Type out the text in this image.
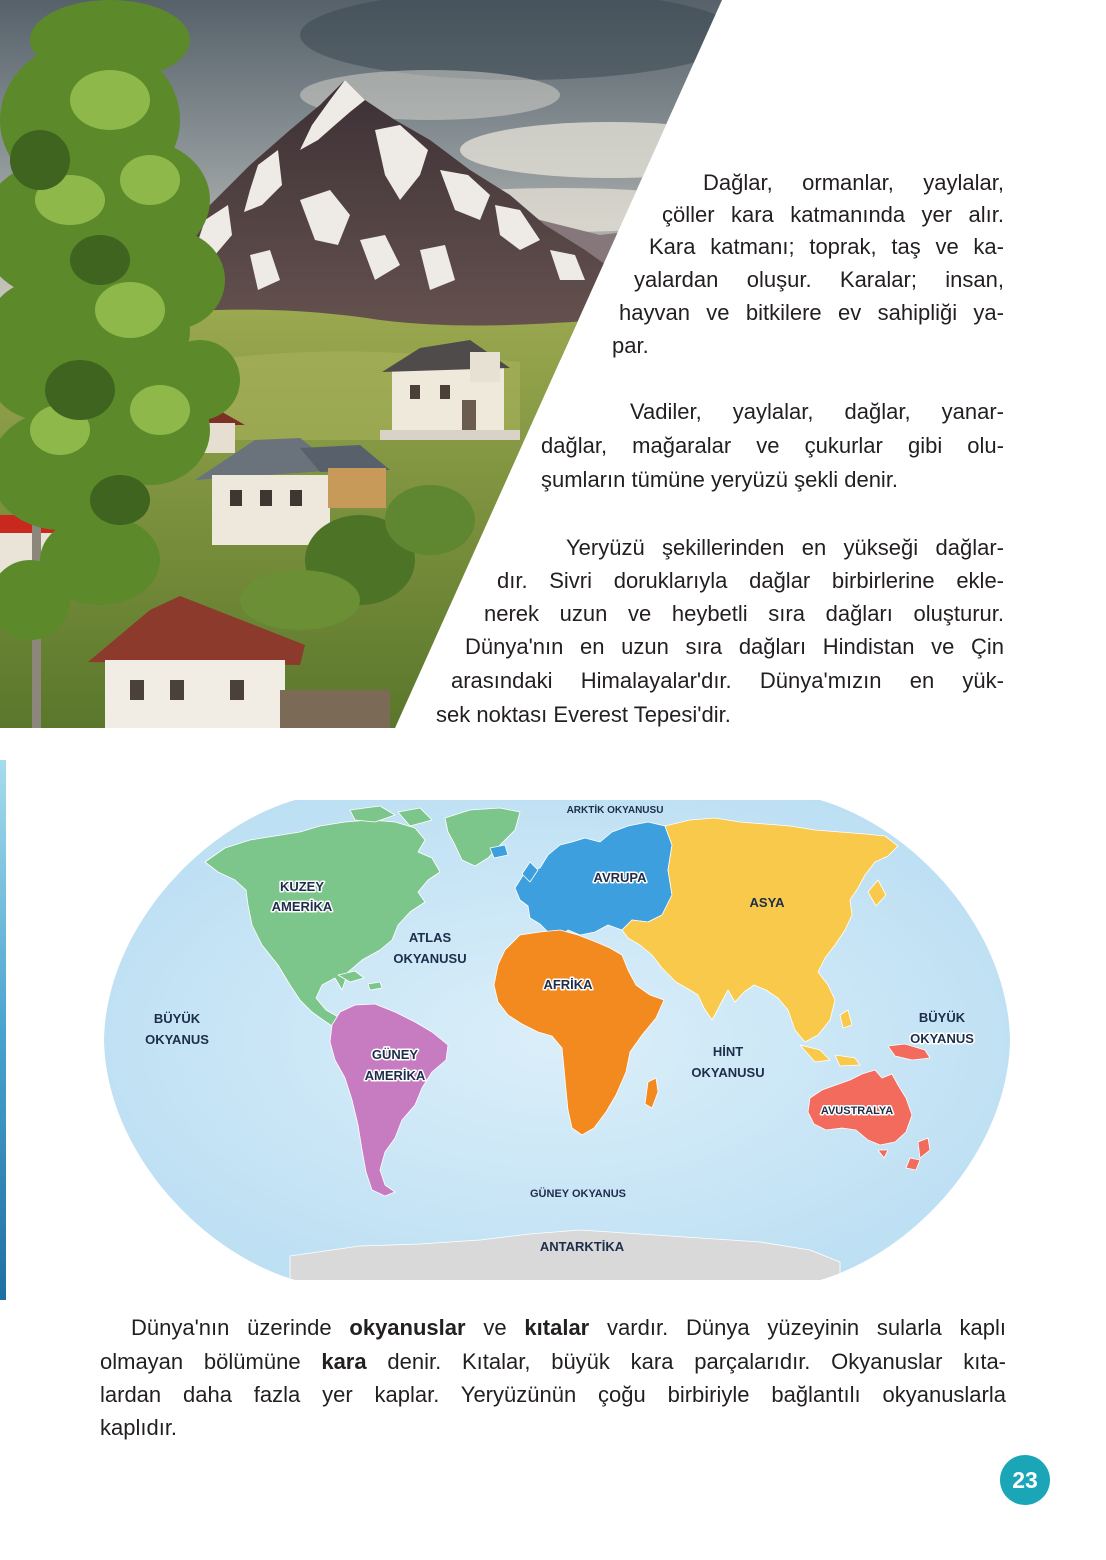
Dağlar, ormanlar, yaylalar,
çöller kara katmanında yer alır.
Kara katmanı; toprak, taş ve ka-
yalardan oluşur. Karalar; insan,
hayvan ve bitkilere ev sahipliği ya-
par.
Vadiler, yaylalar, dağlar, yanar-
dağlar, mağaralar ve çukurlar gibi olu-
şumların tümüne yeryüzü şekli denir.
Yeryüzü şekillerinden en yükseği dağlar-
dır. Sivri doruklarıyla dağlar birbirlerine ekle-
nerek uzun ve heybetli sıra dağları oluşturur.
Dünya'nın en uzun sıra dağları Hindistan ve Çin
arasındaki Himalayalar'dır. Dünya'mızın en yük-
sek noktası Everest Tepesi'dir.
ARKTİK OKYANUSU
KUZEY
AMERİKA
AVRUPA
ASYA
ATLAS
OKYANUSU
AFRİKA
BÜYÜK
OKYANUS
BÜYÜK
OKYANUS
GÜNEY
AMERİKA
HİNT
OKYANUSU
AVUSTRALYA
GÜNEY OKYANUS
ANTARKTİKA
Dünya'nın üzerinde okyanuslar ve kıtalar vardır. Dünya yüzeyinin sularla kaplı
olmayan bölümüne kara denir. Kıtalar, büyük kara parçalarıdır. Okyanuslar kıta-
lardan daha fazla yer kaplar. Yeryüzünün çoğu birbiriyle bağlantılı okyanuslarla
kaplıdır.
23
